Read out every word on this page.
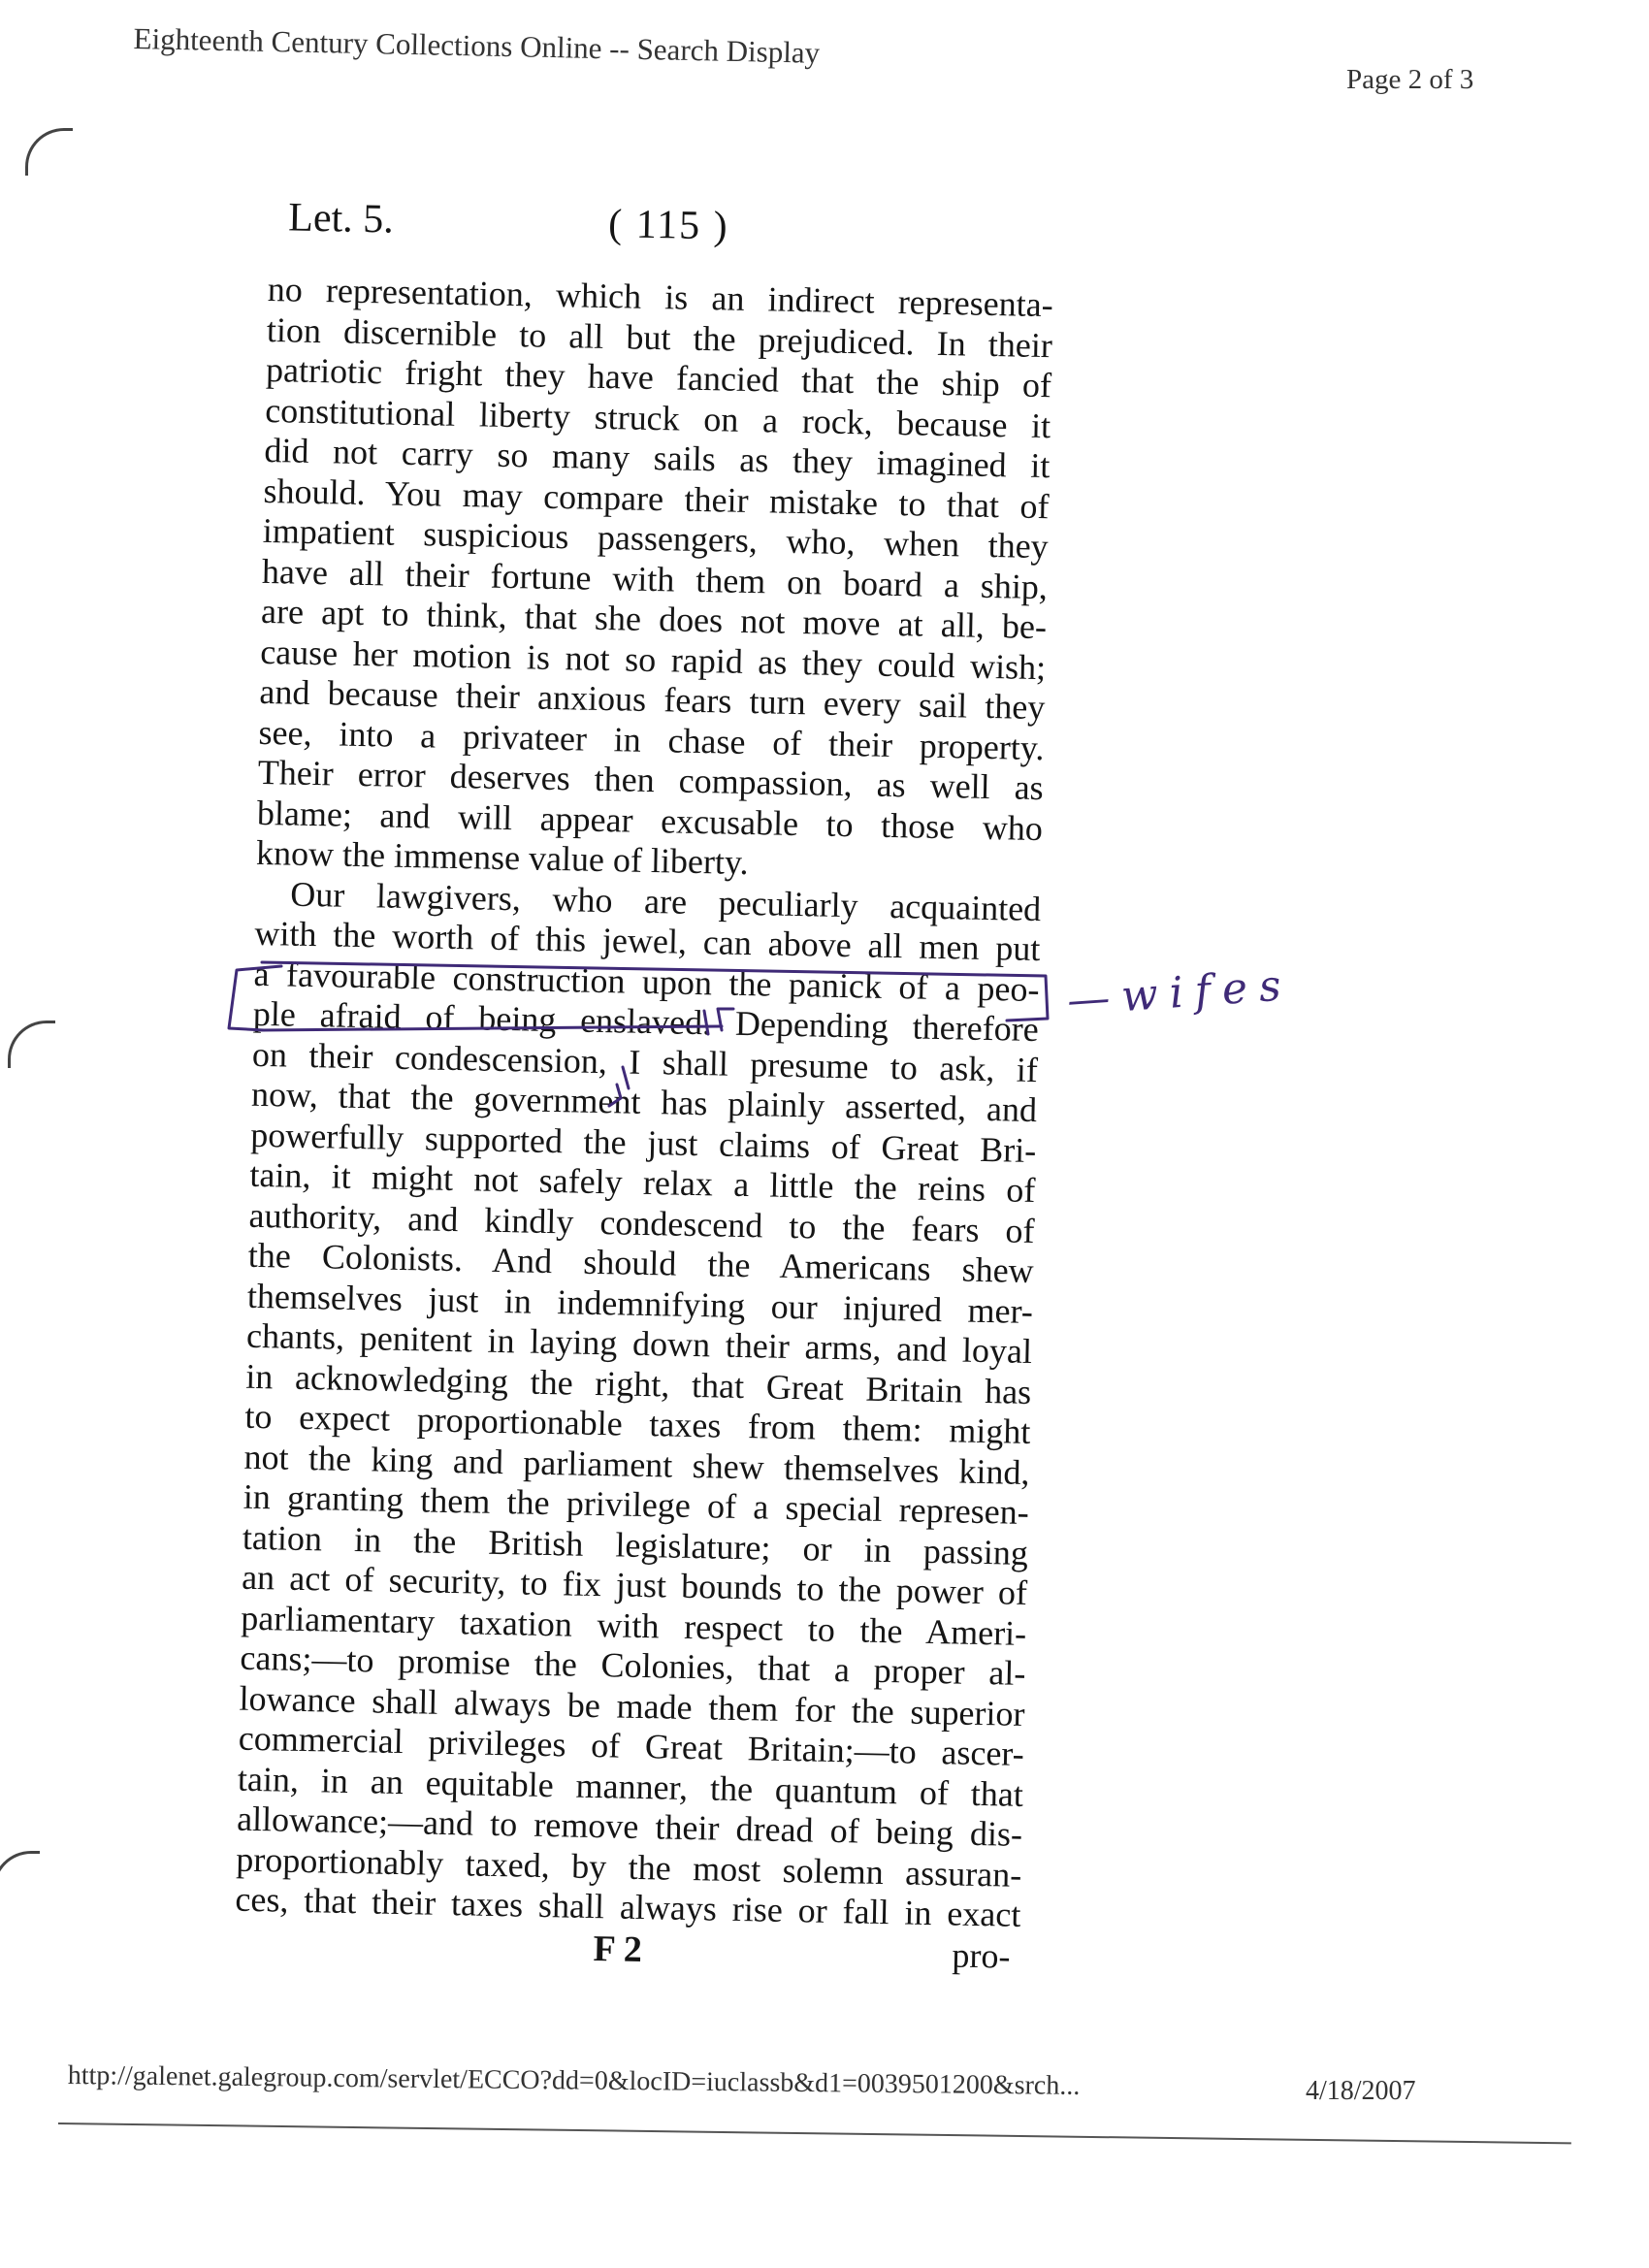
Eighteenth Century Collections Online -- Search Display
Page 2 of 3
Let. 5.	( 115 )
no representation, which is an indirect representa-
tion discernible to all but the prejudiced. In their
patriotic fright they have fancied that the ship of
constitutional liberty struck on a rock, because it
did not carry so many sails as they imagined it
should. You may compare their mistake to that of
impatient suspicious passengers, who, when they
have all their fortune with them on board a ship,
are apt to think, that she does not move at all, be-
cause her motion is not so rapid as they could wish;
and because their anxious fears turn every sail they
see, into a privateer in chase of their property.
Their error deserves then compassion, as well as
blame; and will appear excusable to those who
know the immense value of liberty.
Our lawgivers, who are peculiarly acquainted
with the worth of this jewel, can above all men put
a favourable construction upon the panick of a peo-
ple afraid of being enslaved. Depending therefore
on their condescension, I shall presume to ask, if
now, that the government has plainly asserted, and
powerfully supported the just claims of Great Bri-
tain, it might not safely relax a little the reins of
authority, and kindly condescend to the fears of
the Colonists. And should the Americans shew
themselves just in indemnifying our injured mer-
chants, penitent in laying down their arms, and loyal
in acknowledging the right, that Great Britain has
to expect proportionable taxes from them: might
not the king and parliament shew themselves kind,
in granting them the privilege of a special represen-
tation in the British legislature; or in passing
an act of security, to fix just bounds to the power of
parliamentary taxation with respect to the Ameri-
cans;—to promise the Colonies, that a proper al-
lowance shall always be made them for the superior
commercial privileges of Great Britain;—to ascer-
tain, in an equitable manner, the quantum of that
allowance;—and to remove their dread of being dis-
proportionably taxed, by the most solemn assuran-
ces, that their taxes shall always rise or fall in exact
F 2	pro-
—wifes
http://galenet.galegroup.com/servlet/ECCO?dd=0&locID=iuclassb&d1=0039501200&srch...	4/18/2007
